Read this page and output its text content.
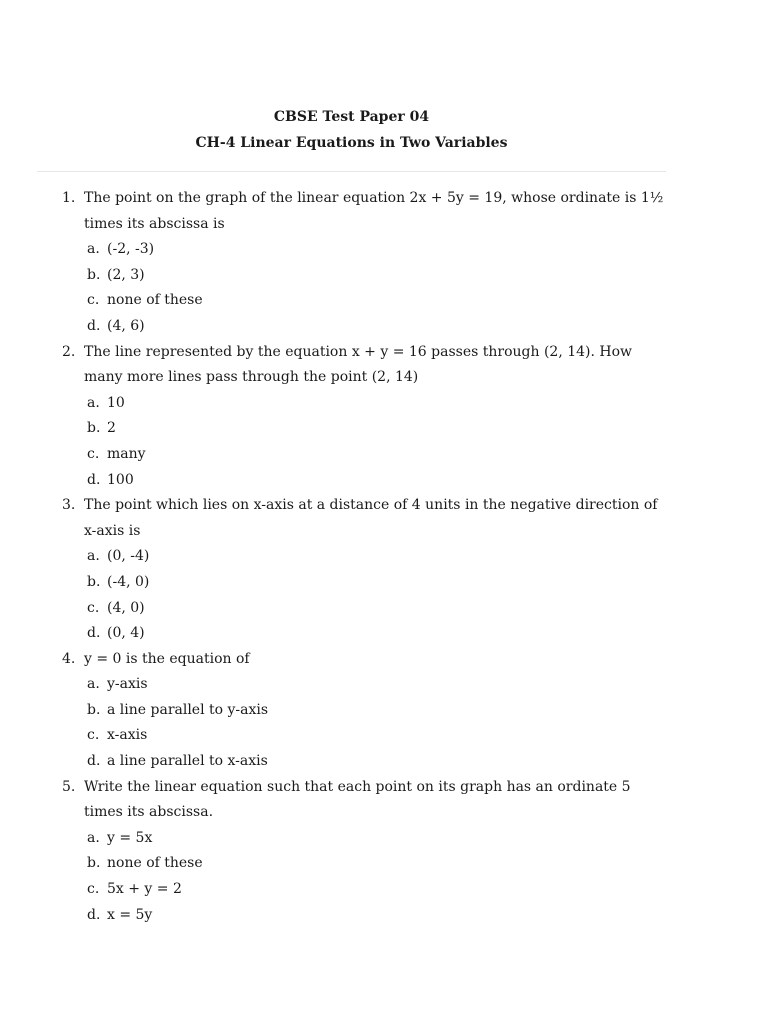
CBSE Test Paper 04
CH-4 Linear Equations in Two Variables
1. The point on the graph of the linear equation 2x + 5y = 19, whose ordinate is 1½ times its abscissa is
a. (-2, -3)
b. (2, 3)
c. none of these
d. (4, 6)
2. The line represented by the equation x + y = 16 passes through (2, 14). How many more lines pass through the point (2, 14)
a. 10
b. 2
c. many
d. 100
3. The point which lies on x-axis at a distance of 4 units in the negative direction of x-axis is
a. (0, -4)
b. (-4, 0)
c. (4, 0)
d. (0, 4)
4. y = 0 is the equation of
a. y-axis
b. a line parallel to y-axis
c. x-axis
d. a line parallel to x-axis
5. Write the linear equation such that each point on its graph has an ordinate 5 times its abscissa.
a. y = 5x
b. none of these
c. 5x + y = 2
d. x = 5y
